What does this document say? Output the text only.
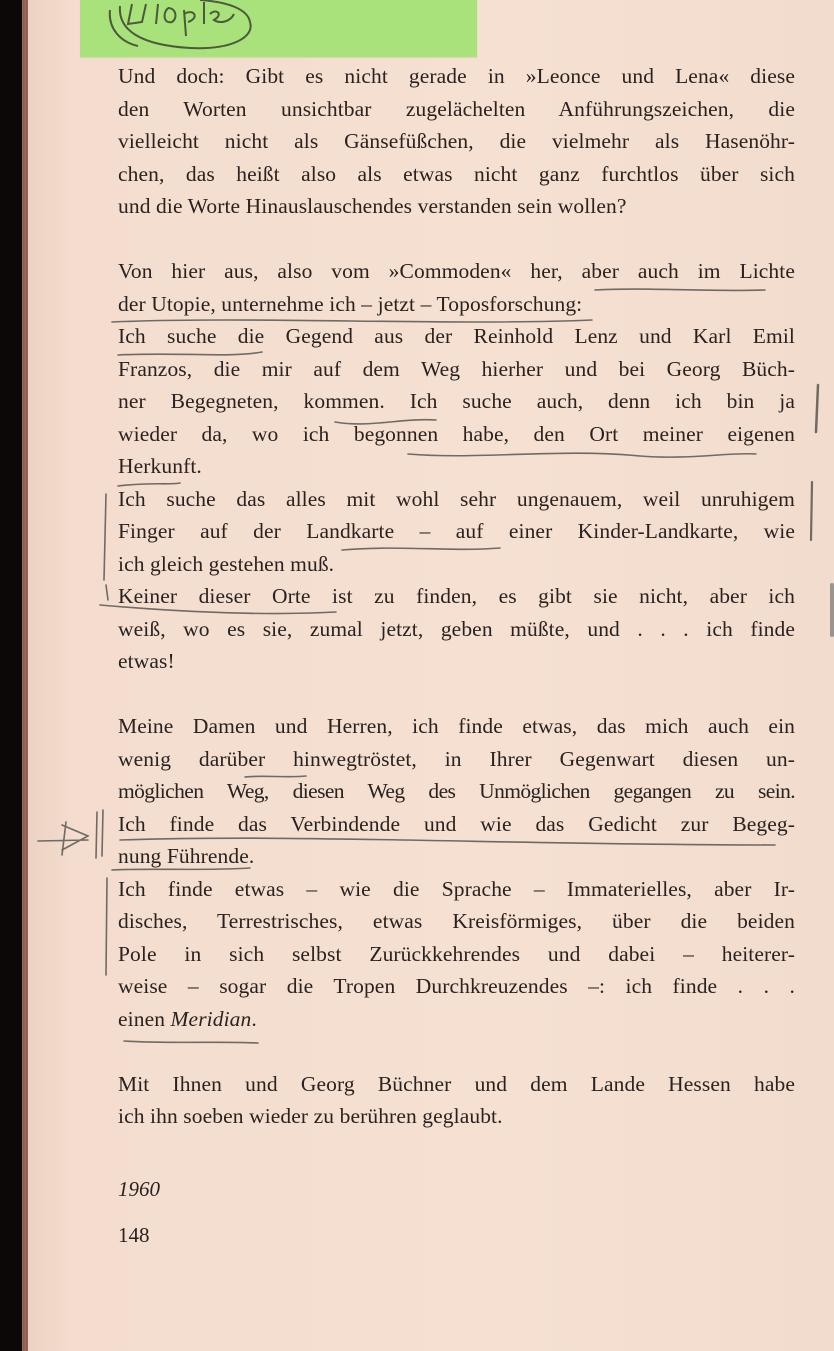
Und doch: Gibt es nicht gerade in »Leonce und Lena« diese
den Worten unsichtbar zugelächelten Anführungszeichen, die
vielleicht nicht als Gänsefüßchen, die vielmehr als Hasenöhr-
chen, das heißt also als etwas nicht ganz furchtlos über sich
und die Worte Hinauslauschendes verstanden sein wollen?
Von hier aus, also vom »Commoden« her, aber auch im Lichte
der Utopie, unternehme ich – jetzt – Toposforschung:
Ich suche die Gegend aus der Reinhold Lenz und Karl Emil
Franzos, die mir auf dem Weg hierher und bei Georg Büch-
ner Begegneten, kommen. Ich suche auch, denn ich bin ja
wieder da, wo ich begonnen habe, den Ort meiner eigenen
Herkunft.
Ich suche das alles mit wohl sehr ungenauem, weil unruhigem
Finger auf der Landkarte – auf einer Kinder-Landkarte, wie
ich gleich gestehen muß.
Keiner dieser Orte ist zu finden, es gibt sie nicht, aber ich
weiß, wo es sie, zumal jetzt, geben müßte, und . . . ich finde
etwas!
Meine Damen und Herren, ich finde etwas, das mich auch ein
wenig darüber hinwegtröstet, in Ihrer Gegenwart diesen un-
möglichen Weg, diesen Weg des Unmöglichen gegangen zu sein.
Ich finde das Verbindende und wie das Gedicht zur Begeg-
nung Führende.
Ich finde etwas – wie die Sprache – Immaterielles, aber Ir-
disches, Terrestrisches, etwas Kreisförmiges, über die beiden
Pole in sich selbst Zurückkehrendes und dabei – heiterer-
weise – sogar die Tropen Durchkreuzendes –: ich finde . . .
einen Meridian.
Mit Ihnen und Georg Büchner und dem Lande Hessen habe
ich ihn soeben wieder zu berühren geglaubt.
1960
148
